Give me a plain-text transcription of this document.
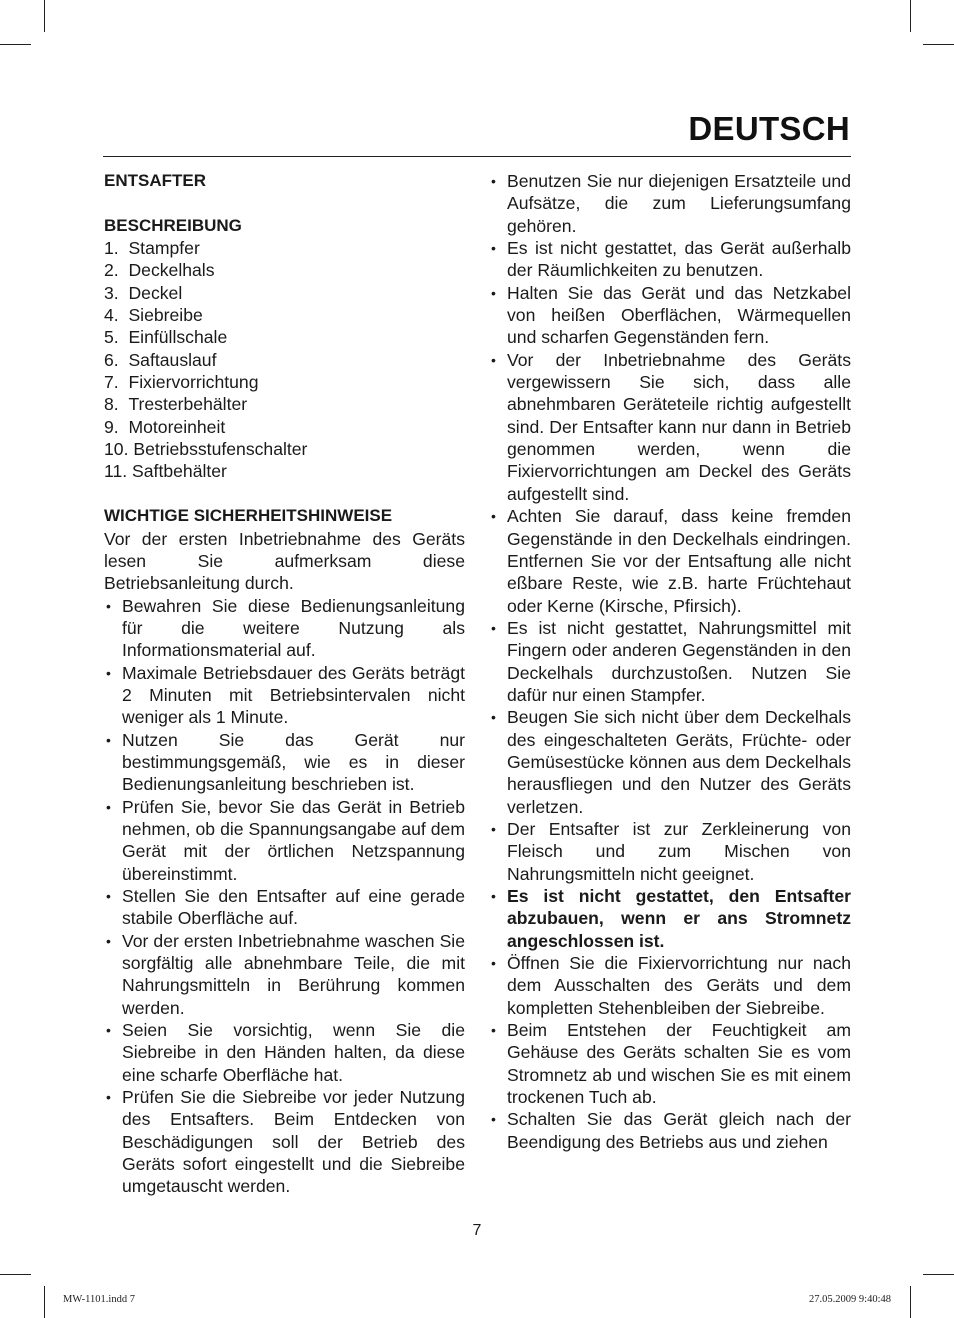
DEUTSCH
ENTSAFTER
BESCHREIBUNG
1.  Stampfer
2.  Deckelhals
3.  Deckel
4.  Siebreibe
5.  Einfüllschale
6.  Saftauslauf
7.  Fixiervorrichtung
8.  Tresterbehälter
9.  Motoreinheit
10. Betriebsstufenschalter
11. Saftbehälter
WICHTIGE SICHERHEITSHINWEISE

Vor der ersten Inbetriebnahme des Geräts lesen Sie aufmerksam diese Betriebsanleitung durch.

• Bewahren Sie diese Bedienungsanleitung für die weitere Nutzung als Informationsmaterial auf.
• Maximale Betriebsdauer des Geräts beträgt 2 Minuten mit Betriebsintervalen nicht weniger als 1 Minute.
• Nutzen Sie das Gerät nur bestimmungsgemäß, wie es in dieser Bedienungsanleitung beschrieben ist.
• Prüfen Sie, bevor Sie das Gerät in Betrieb nehmen, ob die Spannungsangabe auf dem Gerät mit der örtlichen Netzspannung übereinstimmt.
• Stellen Sie den Entsafter auf eine gerade stabile Oberfläche auf.
• Vor der ersten Inbetriebnahme waschen Sie sorgfältig alle abnehmbare Teile, die mit Nahrungsmitteln in Berührung kommen werden.
• Seien Sie vorsichtig, wenn Sie die Siebreibe in den Händen halten, da diese eine scharfe Oberfläche hat.
• Prüfen Sie die Siebreibe vor jeder Nutzung des Entsafters. Beim Entdecken von Beschädigungen soll der Betrieb des Geräts sofort eingestellt und die Siebreibe umgetauscht werden.
• Benutzen Sie nur diejenigen Ersatzteile und Aufsätze, die zum Lieferungsumfang gehören.
• Es ist nicht gestattet, das Gerät außerhalb der Räumlichkeiten zu benutzen.
• Halten Sie das Gerät und das Netzkabel von heißen Oberflächen, Wärmequellen und scharfen Gegenständen fern.
• Vor der Inbetriebnahme des Geräts vergewissern Sie sich, dass alle abnehmbaren Geräteteile richtig aufgestellt sind. Der Entsafter kann nur dann in Betrieb genommen werden, wenn die Fixiervorrichtungen am Deckel des Geräts aufgestellt sind.
• Achten Sie darauf, dass keine fremden Gegenstände in den Deckelhals eindringen. Entfernen Sie vor der Entsaftung alle nicht eßbare Reste, wie z.B. harte Früchtehaut oder Kerne (Kirsche, Pfirsich).
• Es ist nicht gestattet, Nahrungsmittel mit Fingern oder anderen Gegenständen in den Deckelhals durchzustoßen. Nutzen Sie dafür nur einen Stampfer.
• Beugen Sie sich nicht über dem Deckelhals des eingeschalteten Geräts, Früchte- oder Gemüsestücke können aus dem Deckelhals herausfliegen und den Nutzer des Geräts verletzen.
• Der Entsafter ist zur Zerkleinerung von Fleisch und zum Mischen von Nahrungsmitteln nicht geeignet.
• Es ist nicht gestattet, den Entsafter abzubauen, wenn er ans Stromnetz angeschlossen ist.
• Öffnen Sie die Fixiervorrichtung nur nach dem Ausschalten des Geräts und dem kompletten Stehenbleiben der Siebreibe.
• Beim Entstehen der Feuchtigkeit am Gehäuse des Geräts schalten Sie es vom Stromnetz ab und wischen Sie es mit einem trockenen Tuch ab.
• Schalten Sie das Gerät gleich nach der Beendigung des Betriebs aus und ziehen
7
MW-1101.indd 7	27.05.2009 9:40:48
